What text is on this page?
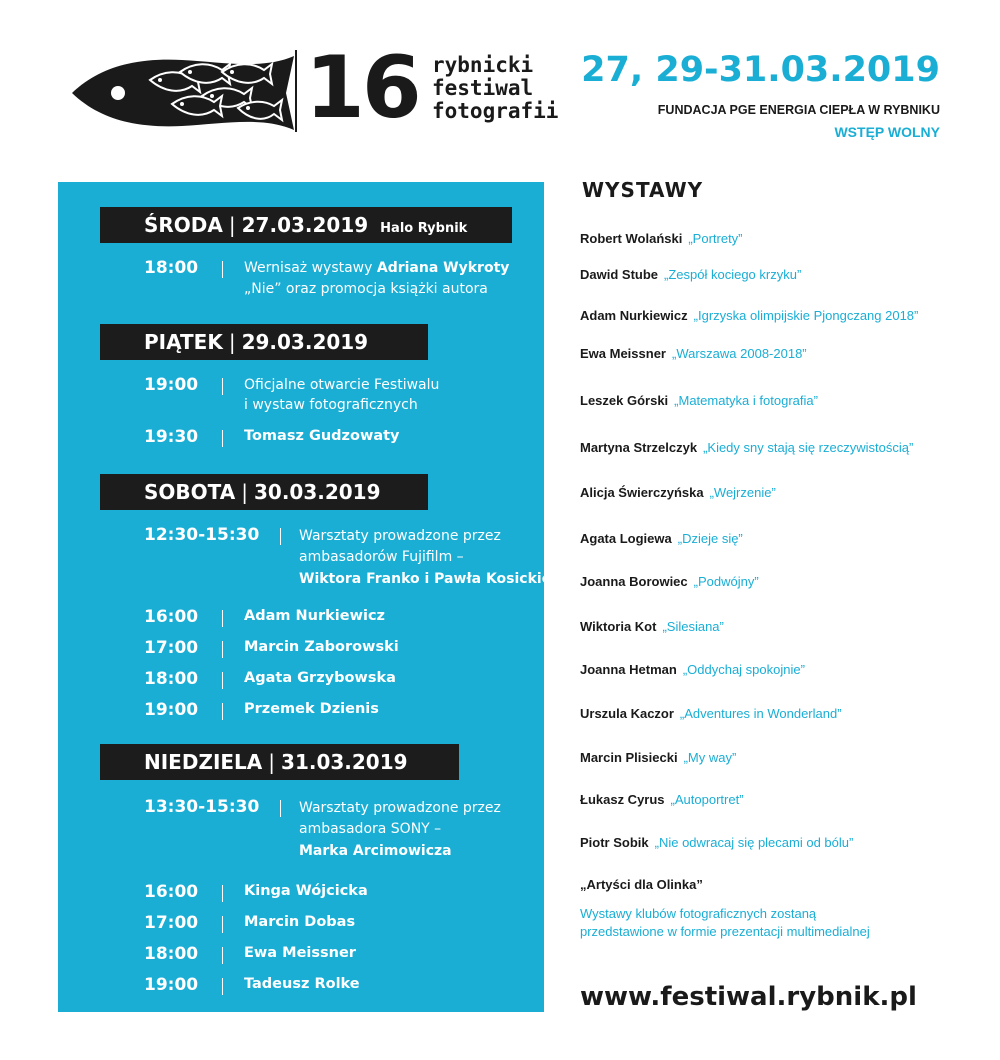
16 rybnicki
festiwal
fotografii
27, 29-31.03.2019
FUNDACJA PGE ENERGIA CIEPŁA W RYBNIKU
WSTĘP WOLNY
ŚRODA | 27.03.2019 Halo Rybnik
18:00	Wernisaż wystawy Adriana Wykroty
„Nie” oraz promocja książki autora
PIĄTEK | 29.03.2019
19:00	Oficjalne otwarcie Festiwalu
i wystaw fotograficznych
19:30	Tomasz Gudzowaty
SOBOTA | 30.03.2019
12:30-15:30	Warsztaty prowadzone przez
ambasadorów Fujifilm –
Wiktora Franko i Pawła Kosickiego
16:00	Adam Nurkiewicz
17:00	Marcin Zaborowski
18:00	Agata Grzybowska
19:00	Przemek Dzienis
NIEDZIELA | 31.03.2019
13:30-15:30	Warsztaty prowadzone przez
ambasadora SONY –
Marka Arcimowicza
16:00	Kinga Wójcicka
17:00	Marcin Dobas
18:00	Ewa Meissner
19:00	Tadeusz Rolke
WYSTAWY
Robert Wolański „Portrety”
Dawid Stube „Zespół kociego krzyku”
Adam Nurkiewicz „Igrzyska olimpijskie Pjongczang 2018”
Ewa Meissner „Warszawa 2008-2018”
Leszek Górski „Matematyka i fotografia”
Martyna Strzelczyk „Kiedy sny stają się rzeczywistością”
Alicja Świerczyńska „Wejrzenie”
Agata Logiewa „Dzieje się”
Joanna Borowiec „Podwójny”
Wiktoria Kot „Silesiana”
Joanna Hetman „Oddychaj spokojnie”
Urszula Kaczor „Adventures in Wonderland”
Marcin Plisiecki „My way”
Łukasz Cyrus „Autoportret”
Piotr Sobik „Nie odwracaj się plecami od bólu”
„Artyści dla Olinka”
Wystawy klubów fotograficznych zostaną
przedstawione w formie prezentacji multimedialnej
www.festiwal.rybnik.pl
